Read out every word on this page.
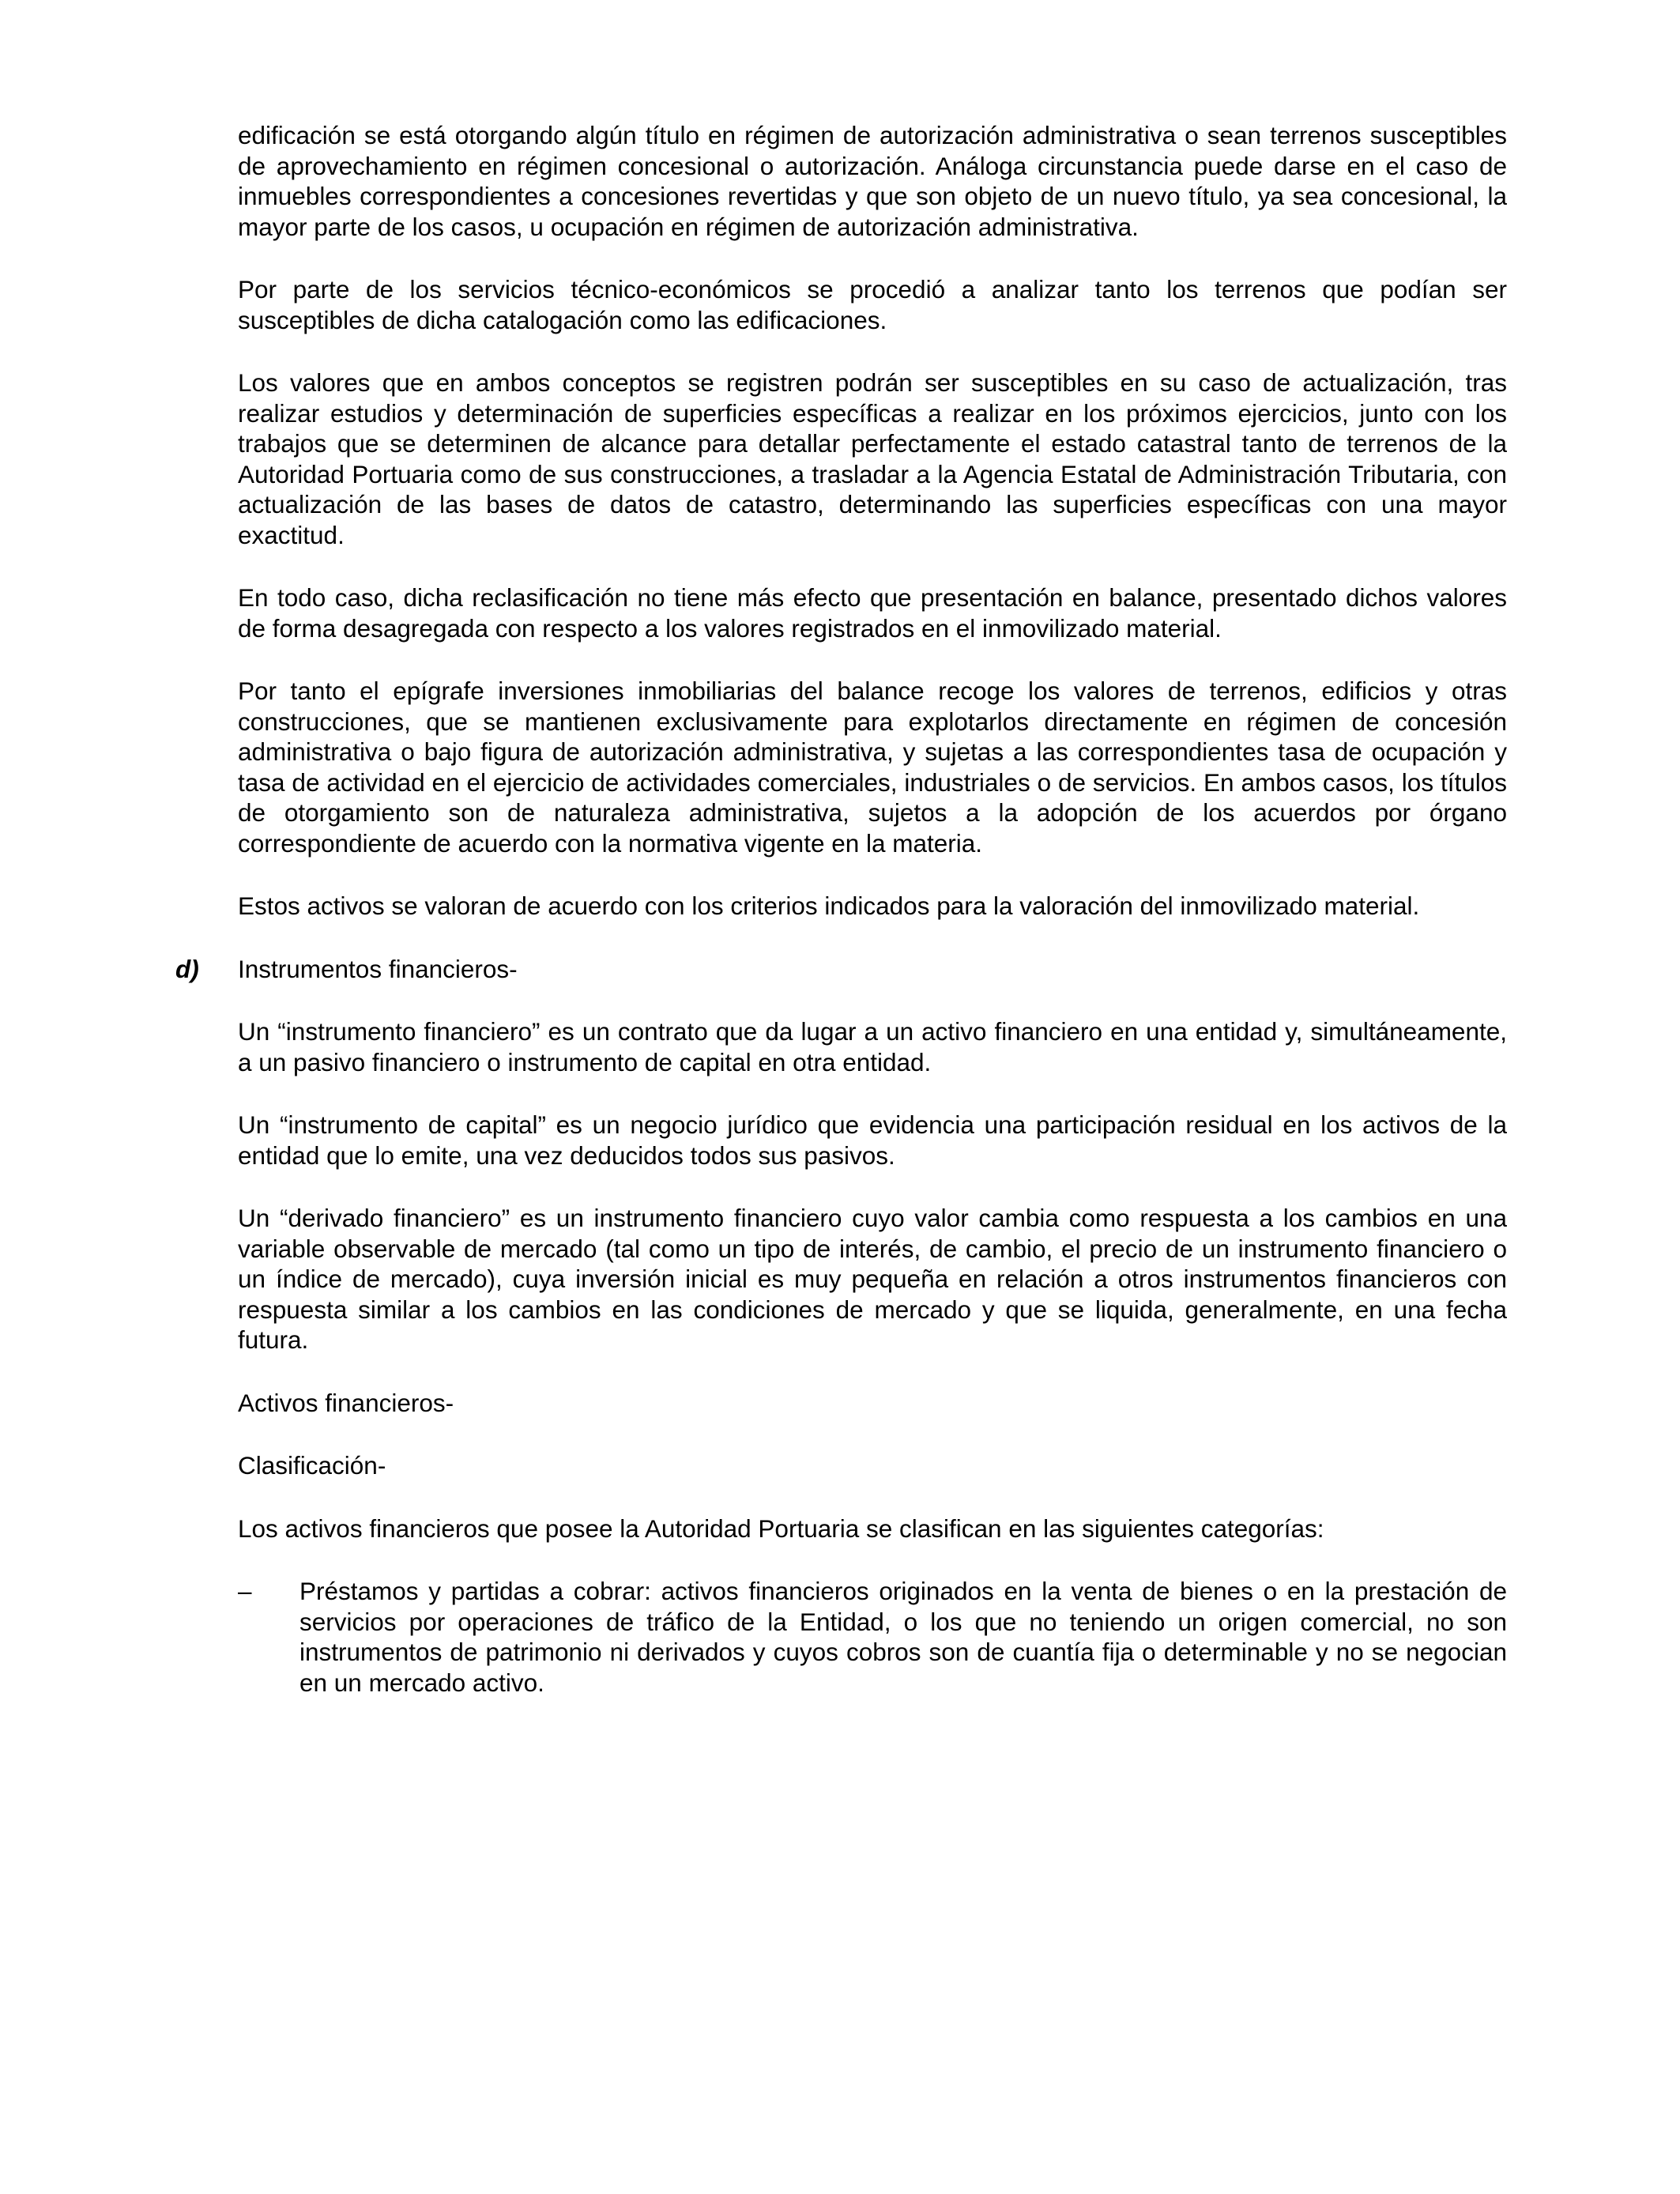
edificación se está otorgando algún título en régimen de autorización administrativa o sean terrenos susceptibles de aprovechamiento en régimen concesional o autorización. Análoga circunstancia puede darse en el caso de inmuebles correspondientes a concesiones revertidas y que son objeto de un nuevo título, ya sea concesional, la mayor parte de los casos, u ocupación en régimen de autorización administrativa.

Por parte de los servicios técnico-económicos se procedió a analizar tanto los terrenos que podían ser susceptibles de dicha catalogación como las edificaciones.

Los valores que en ambos conceptos se registren podrán ser susceptibles en su caso de actualización, tras realizar estudios y determinación de superficies específicas a realizar en los próximos ejercicios, junto con los trabajos que se determinen de alcance para detallar perfectamente el estado catastral tanto de terrenos de la Autoridad Portuaria como de sus construcciones, a trasladar a la Agencia Estatal de Administración Tributaria, con actualización de las bases de datos de catastro, determinando las superficies específicas con una mayor exactitud.

En todo caso, dicha reclasificación no tiene más efecto que presentación en balance, presentado dichos valores de forma desagregada con respecto a los valores registrados en el inmovilizado material.

Por tanto el epígrafe inversiones inmobiliarias del balance recoge los valores de terrenos, edificios y otras construcciones, que se mantienen exclusivamente para explotarlos directamente en régimen de concesión administrativa o bajo figura de autorización administrativa, y sujetas a las correspondientes tasa de ocupación y tasa de actividad en el ejercicio de actividades comerciales, industriales o de servicios. En ambos casos, los títulos de otorgamiento son de naturaleza administrativa, sujetos a la adopción de los acuerdos por órgano correspondiente de acuerdo con la normativa vigente en la materia.

Estos activos se valoran de acuerdo con los criterios indicados para la valoración del inmovilizado material.

d) Instrumentos financieros-

Un “instrumento financiero” es un contrato que da lugar a un activo financiero en una entidad y, simultáneamente, a un pasivo financiero o instrumento de capital en otra entidad.

Un “instrumento de capital” es un negocio jurídico que evidencia una participación residual en los activos de la entidad que lo emite, una vez deducidos todos sus pasivos.

Un “derivado financiero” es un instrumento financiero cuyo valor cambia como respuesta a los cambios en una variable observable de mercado (tal como un tipo de interés, de cambio, el precio de un instrumento financiero o un índice de mercado), cuya inversión inicial es muy pequeña en relación a otros instrumentos financieros con respuesta similar a los cambios en las condiciones de mercado y que se liquida, generalmente, en una fecha futura.

Activos financieros-

Clasificación-

Los activos financieros que posee la Autoridad Portuaria se clasifican en las siguientes categorías:

– Préstamos y partidas a cobrar: activos financieros originados en la venta de bienes o en la prestación de servicios por operaciones de tráfico de la Entidad, o los que no teniendo un origen comercial, no son instrumentos de patrimonio ni derivados y cuyos cobros son de cuantía fija o determinable y no se negocian en un mercado activo.
